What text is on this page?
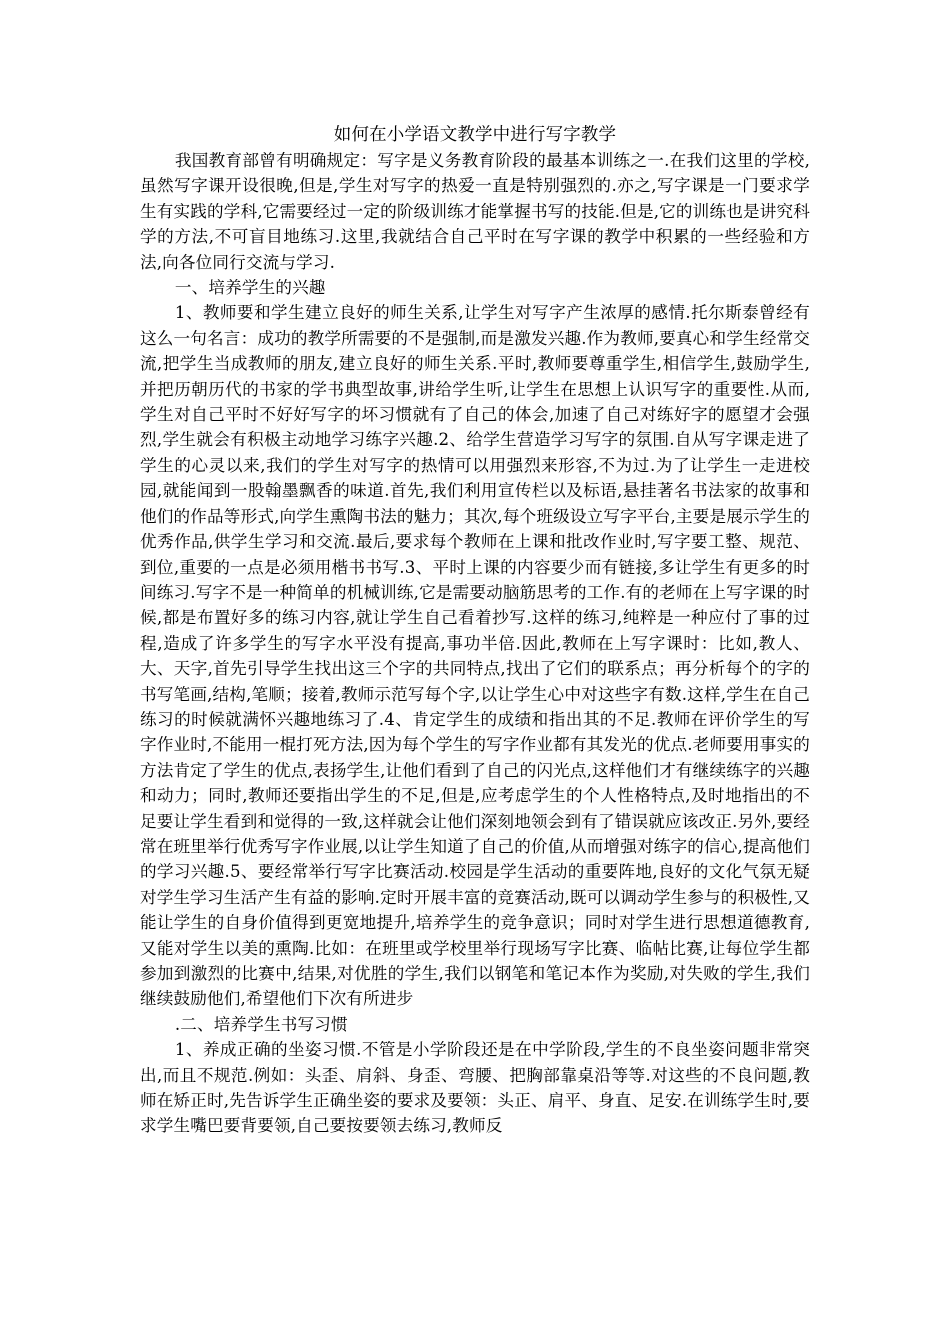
如何在小学语文教学中进行写字教学

我国教育部曾有明确规定：写字是义务教育阶段的最基本训练之一.在我们这里的学校,虽然写字课开设很晚,但是,学生对写字的热爱一直是特别强烈的.亦之,写字课是一门要求学生有实践的学科,它需要经过一定的阶级训练才能掌握书写的技能.但是,它的训练也是讲究科学的方法,不可盲目地练习.这里,我就结合自己平时在写字课的教学中积累的一些经验和方法,向各位同行交流与学习.

一、培养学生的兴趣

1、教师要和学生建立良好的师生关系,让学生对写字产生浓厚的感情.托尔斯泰曾经有这么一句名言：成功的教学所需要的不是强制,而是激发兴趣.作为教师,要真心和学生经常交流,把学生当成教师的朋友,建立良好的师生关系.平时,教师要尊重学生,相信学生,鼓励学生,并把历朝历代的书家的学书典型故事,讲给学生听,让学生在思想上认识写字的重要性.从而,学生对自己平时不好好写字的坏习惯就有了自己的体会,加速了自己对练好字的愿望才会强烈,学生就会有积极主动地学习练字兴趣.2、给学生营造学习写字的氛围.自从写字课走进了学生的心灵以来,我们的学生对写字的热情可以用强烈来形容,不为过.为了让学生一走进校园,就能闻到一股翰墨飘香的味道.首先,我们利用宣传栏以及标语,悬挂著名书法家的故事和他们的作品等形式,向学生熏陶书法的魅力；其次,每个班级设立写字平台,主要是展示学生的优秀作品,供学生学习和交流.最后,要求每个教师在上课和批改作业时,写字要工整、规范、到位,重要的一点是必须用楷书书写.3、平时上课的内容要少而有链接,多让学生有更多的时间练习.写字不是一种简单的机械训练,它是需要动脑筋思考的工作.有的老师在上写字课的时候,都是布置好多的练习内容,就让学生自己看着抄写.这样的练习,纯粹是一种应付了事的过程,造成了许多学生的写字水平没有提高,事功半倍.因此,教师在上写字课时：比如,教人、大、天字,首先引导学生找出这三个字的共同特点,找出了它们的联系点；再分析每个的字的书写笔画,结构,笔顺；接着,教师示范写每个字,以让学生心中对这些字有数.这样,学生在自己练习的时候就满怀兴趣地练习了.4、肯定学生的成绩和指出其的不足.教师在评价学生的写字作业时,不能用一棍打死方法,因为每个学生的写字作业都有其发光的优点.老师要用事实的方法肯定了学生的优点,表扬学生,让他们看到了自己的闪光点,这样他们才有继续练字的兴趣和动力；同时,教师还要指出学生的不足,但是,应考虑学生的个人性格特点,及时地指出的不足要让学生看到和觉得的一致,这样就会让他们深刻地领会到有了错误就应该改正.另外,要经常在班里举行优秀写字作业展,以让学生知道了自己的价值,从而增强对练字的信心,提高他们的学习兴趣.5、要经常举行写字比赛活动.校园是学生活动的重要阵地,良好的文化气氛无疑对学生学习生活产生有益的影响.定时开展丰富的竞赛活动,既可以调动学生参与的积极性,又能让学生的自身价值得到更宽地提升,培养学生的竞争意识；同时对学生进行思想道德教育,又能对学生以美的熏陶.比如：在班里或学校里举行现场写字比赛、临帖比赛,让每位学生都参加到激烈的比赛中,结果,对优胜的学生,我们以钢笔和笔记本作为奖励,对失败的学生,我们继续鼓励他们,希望他们下次有所进步

.二、培养学生书写习惯

1、养成正确的坐姿习惯.不管是小学阶段还是在中学阶段,学生的不良坐姿问题非常突出,而且不规范.例如：头歪、肩斜、身歪、弯腰、把胸部靠桌沿等等.对这些的不良问题,教师在矫正时,先告诉学生正确坐姿的要求及要领：头正、肩平、身直、足安.在训练学生时,要求学生嘴巴要背要领,自己要按要领去练习,教师反
